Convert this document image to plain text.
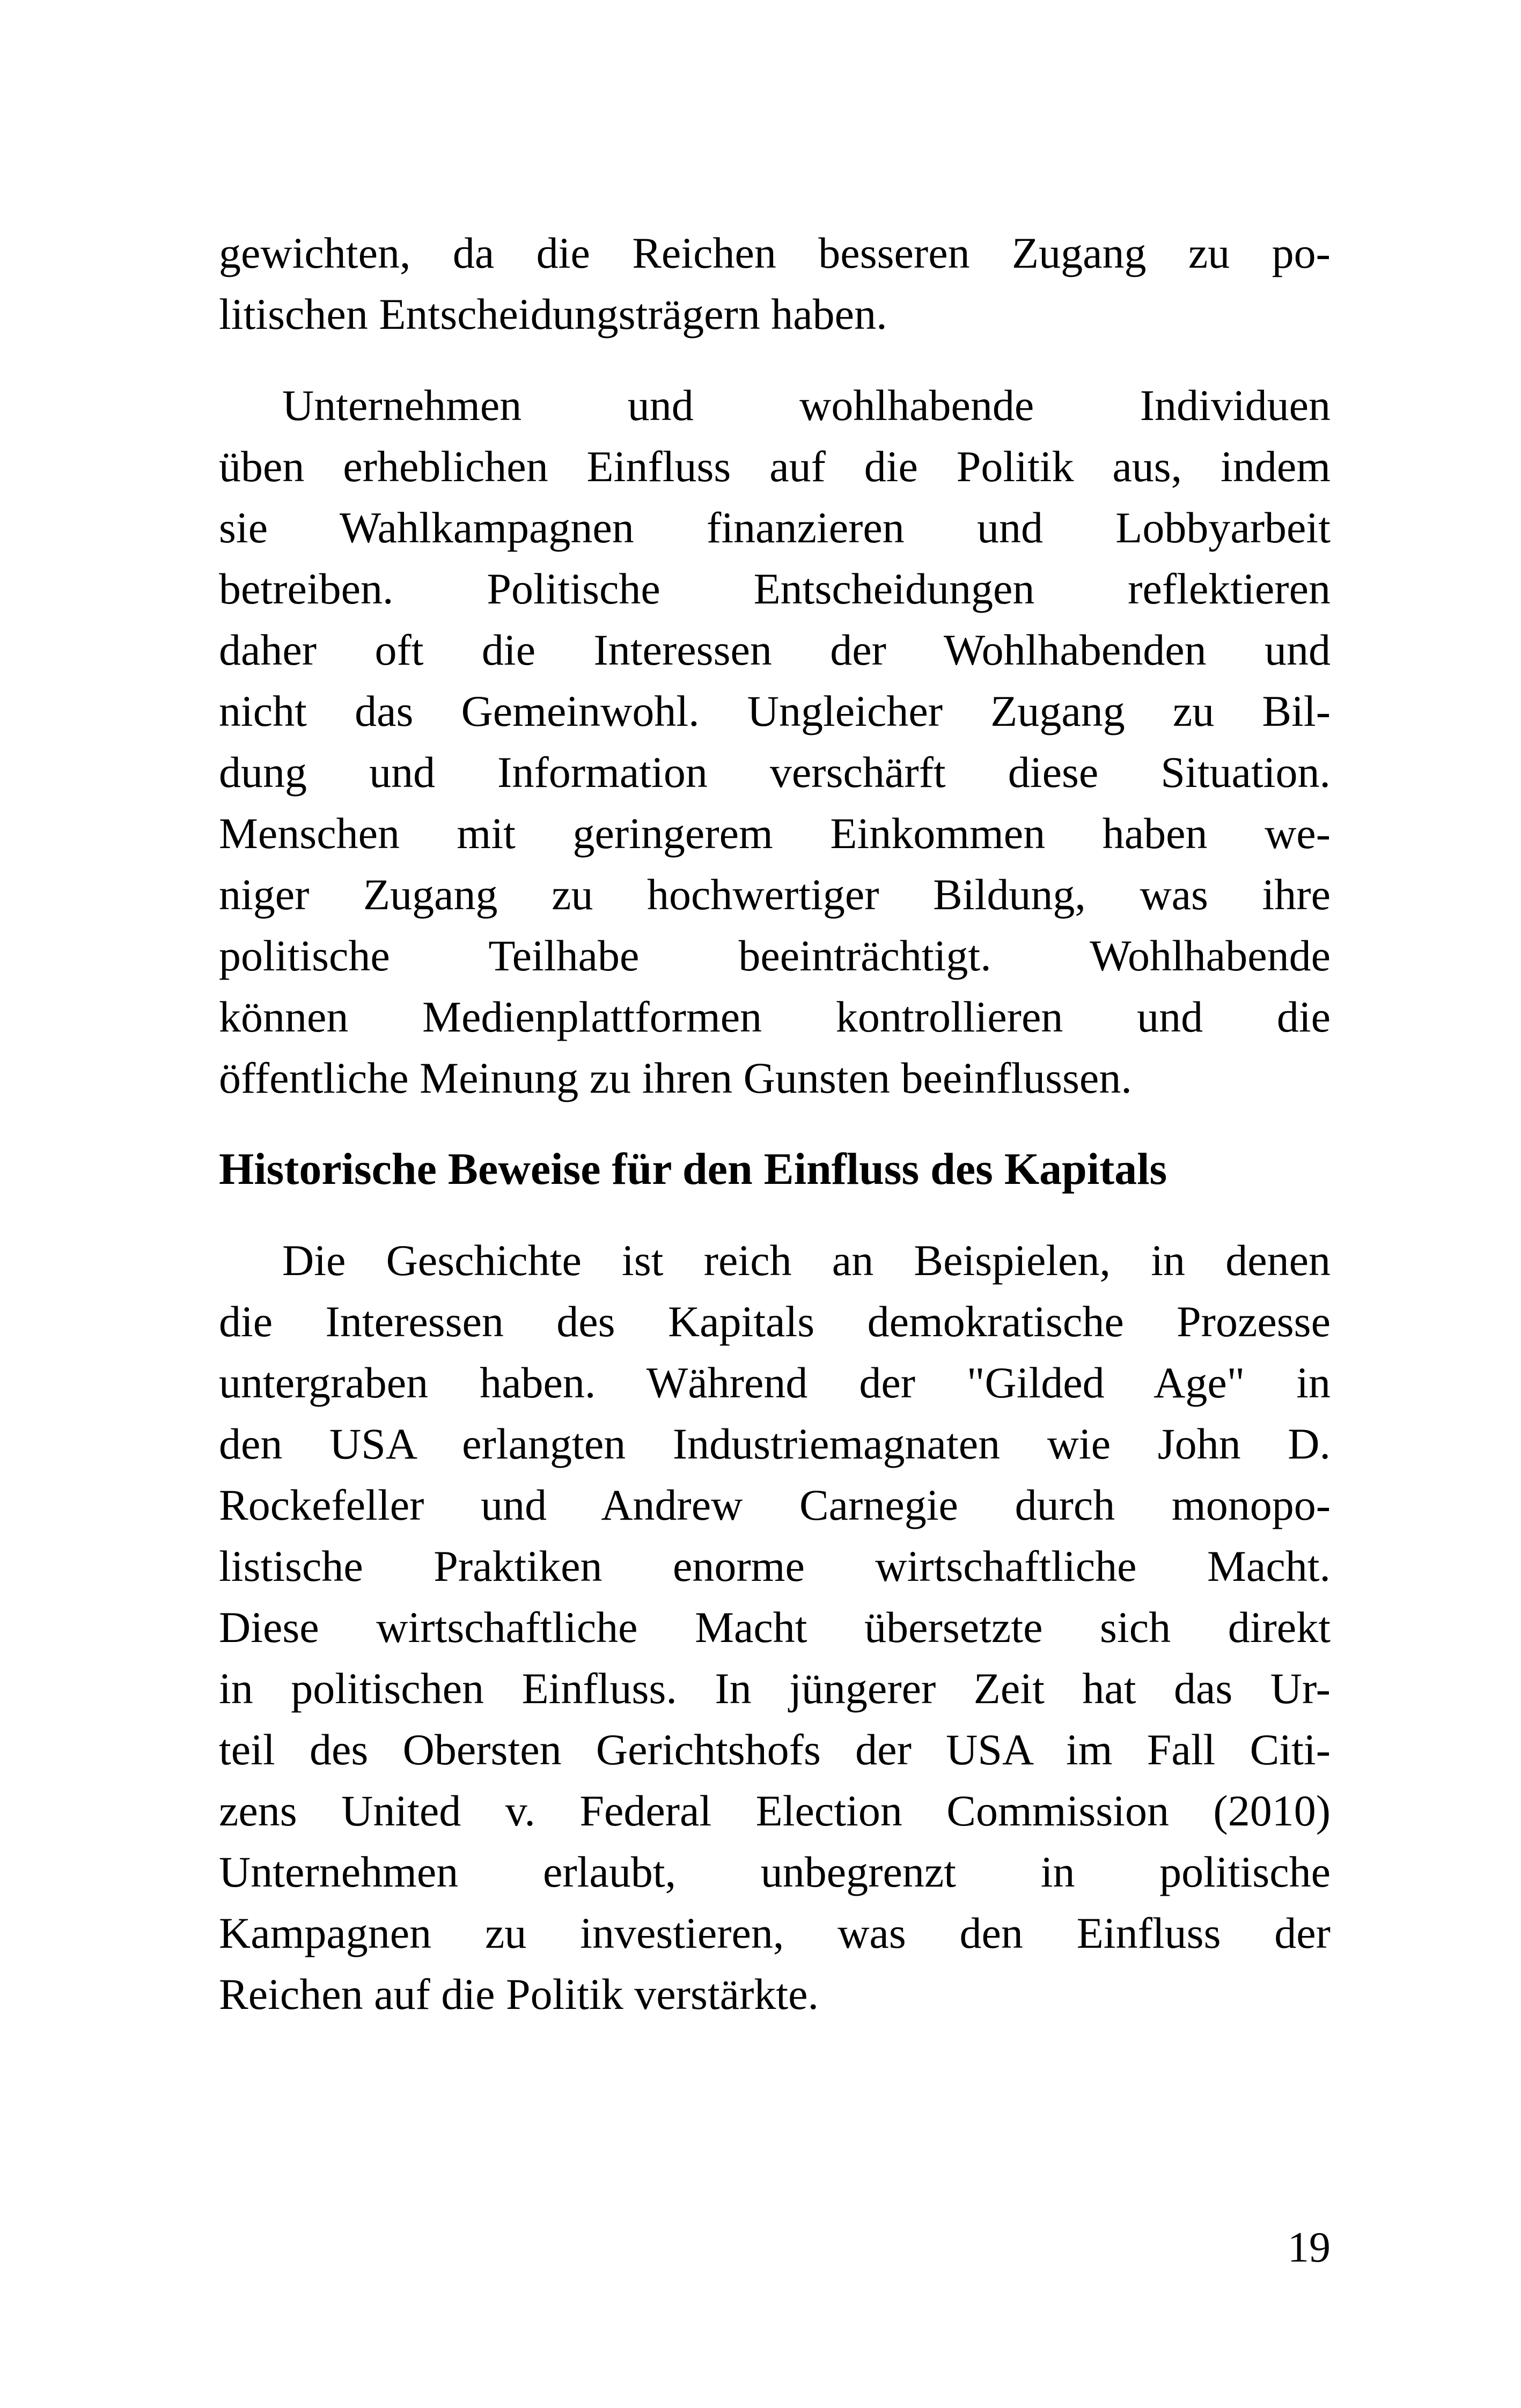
gewichten, da die Reichen besseren Zugang zu po-
litischen Entscheidungsträgern haben.

Unternehmen und wohlhabende Individuen
üben erheblichen Einfluss auf die Politik aus, indem
sie Wahlkampagnen finanzieren und Lobbyarbeit
betreiben. Politische Entscheidungen reflektieren
daher oft die Interessen der Wohlhabenden und
nicht das Gemeinwohl. Ungleicher Zugang zu Bil-
dung und Information verschärft diese Situation.
Menschen mit geringerem Einkommen haben we-
niger Zugang zu hochwertiger Bildung, was ihre
politische Teilhabe beeinträchtigt. Wohlhabende
können Medienplattformen kontrollieren und die
öffentliche Meinung zu ihren Gunsten beeinflussen.

Historische Beweise für den Einfluss des Kapitals

Die Geschichte ist reich an Beispielen, in denen
die Interessen des Kapitals demokratische Prozesse
untergraben haben. Während der "Gilded Age" in
den USA erlangten Industriemagnaten wie John D.
Rockefeller und Andrew Carnegie durch monopo-
listische Praktiken enorme wirtschaftliche Macht.
Diese wirtschaftliche Macht übersetzte sich direkt
in politischen Einfluss. In jüngerer Zeit hat das Ur-
teil des Obersten Gerichtshofs der USA im Fall Citi-
zens United v. Federal Election Commission (2010)
Unternehmen erlaubt, unbegrenzt in politische
Kampagnen zu investieren, was den Einfluss der
Reichen auf die Politik verstärkte.

19
